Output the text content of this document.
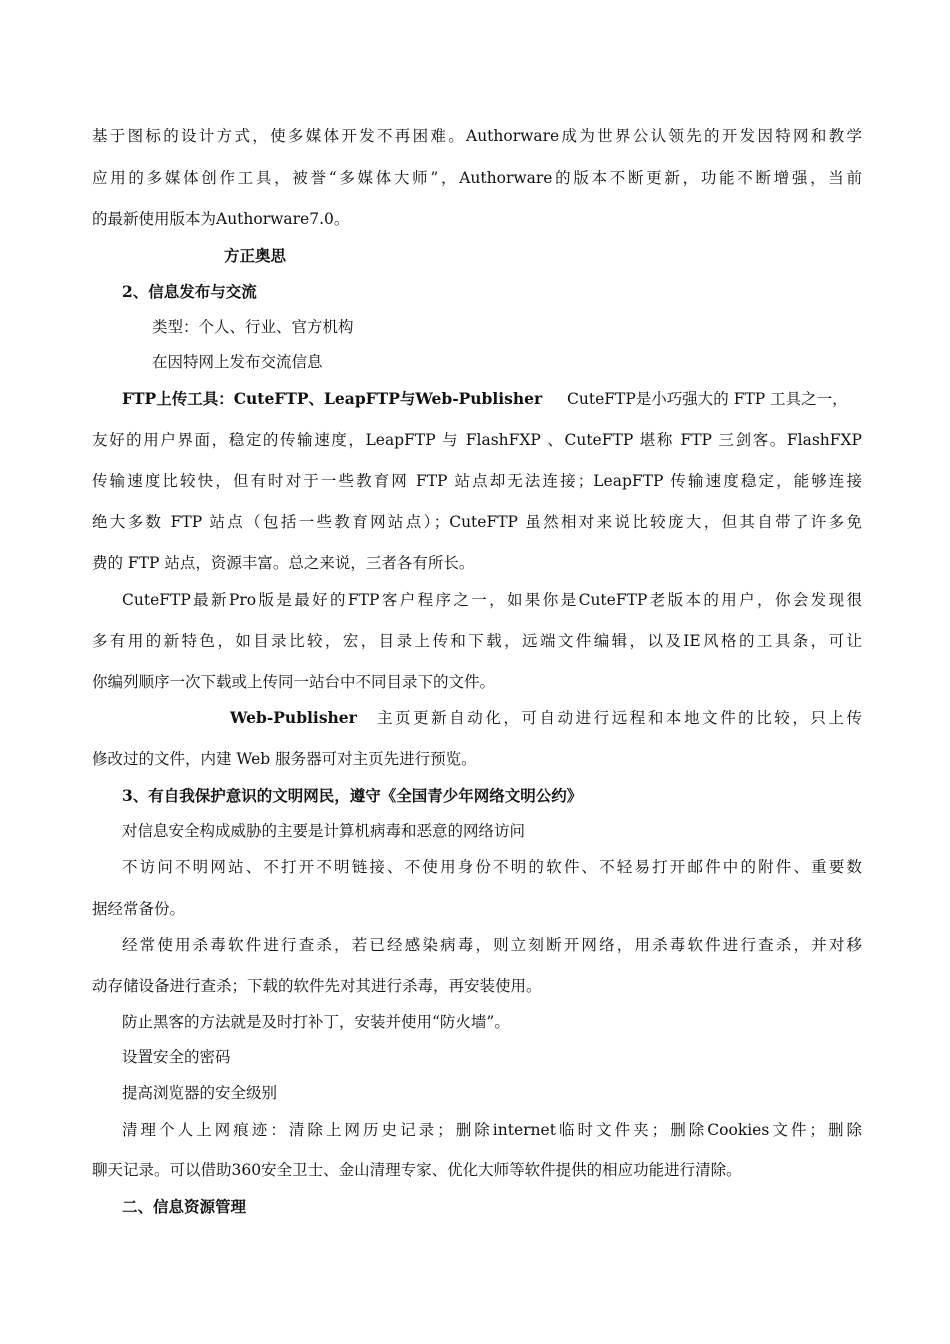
基于图标的设计方式，使多媒体开发不再困难。Authorware成为世界公认领先的开发因特网和教学
应用的多媒体创作工具，被誉“多媒体大师”，Authorware的版本不断更新，功能不断增强，当前
的最新使用版本为Authorware7.0。
方正奥思
2、信息发布与交流
类型：个人、行业、官方机构
在因特网上发布交流信息
FTP上传工具：CuteFTP、LeapFTP与Web-Publisher CuteFTP是小巧强大的 FTP 工具之一，
友好的用户界面，稳定的传输速度，LeapFTP 与 FlashFXP 、CuteFTP 堪称 FTP 三剑客。FlashFXP
传输速度比较快，但有时对于一些教育网 FTP 站点却无法连接；LeapFTP 传输速度稳定，能够连接
绝大多数 FTP 站点（包括一些教育网站点）；CuteFTP 虽然相对来说比较庞大，但其自带了许多免
费的 FTP 站点，资源丰富。总之来说，三者各有所长。
CuteFTP最新Pro版是最好的FTP客户程序之一，如果你是CuteFTP老版本的用户，你会发现很
多有用的新特色，如目录比较，宏，目录上传和下载，远端文件编辑，以及IE风格的工具条，可让
你编列顺序一次下载或上传同一站台中不同目录下的文件。
Web-Publisher 主页更新自动化，可自动进行远程和本地文件的比较，只上传
修改过的文件，内建 Web 服务器可对主页先进行预览。
3、有自我保护意识的文明网民，遵守《全国青少年网络文明公约》
对信息安全构成威胁的主要是计算机病毒和恶意的网络访问
不访问不明网站、不打开不明链接、不使用身份不明的软件、不轻易打开邮件中的附件、重要数
据经常备份。
经常使用杀毒软件进行查杀，若已经感染病毒，则立刻断开网络，用杀毒软件进行查杀，并对移
动存储设备进行查杀；下载的软件先对其进行杀毒，再安装使用。
防止黑客的方法就是及时打补丁，安装并使用“防火墙”。
设置安全的密码
提高浏览器的安全级别
清理个人上网痕迹：清除上网历史记录；删除internet临时文件夹；删除Cookies文件；删除
聊天记录。可以借助360安全卫士、金山清理专家、优化大师等软件提供的相应功能进行清除。
二、信息资源管理
